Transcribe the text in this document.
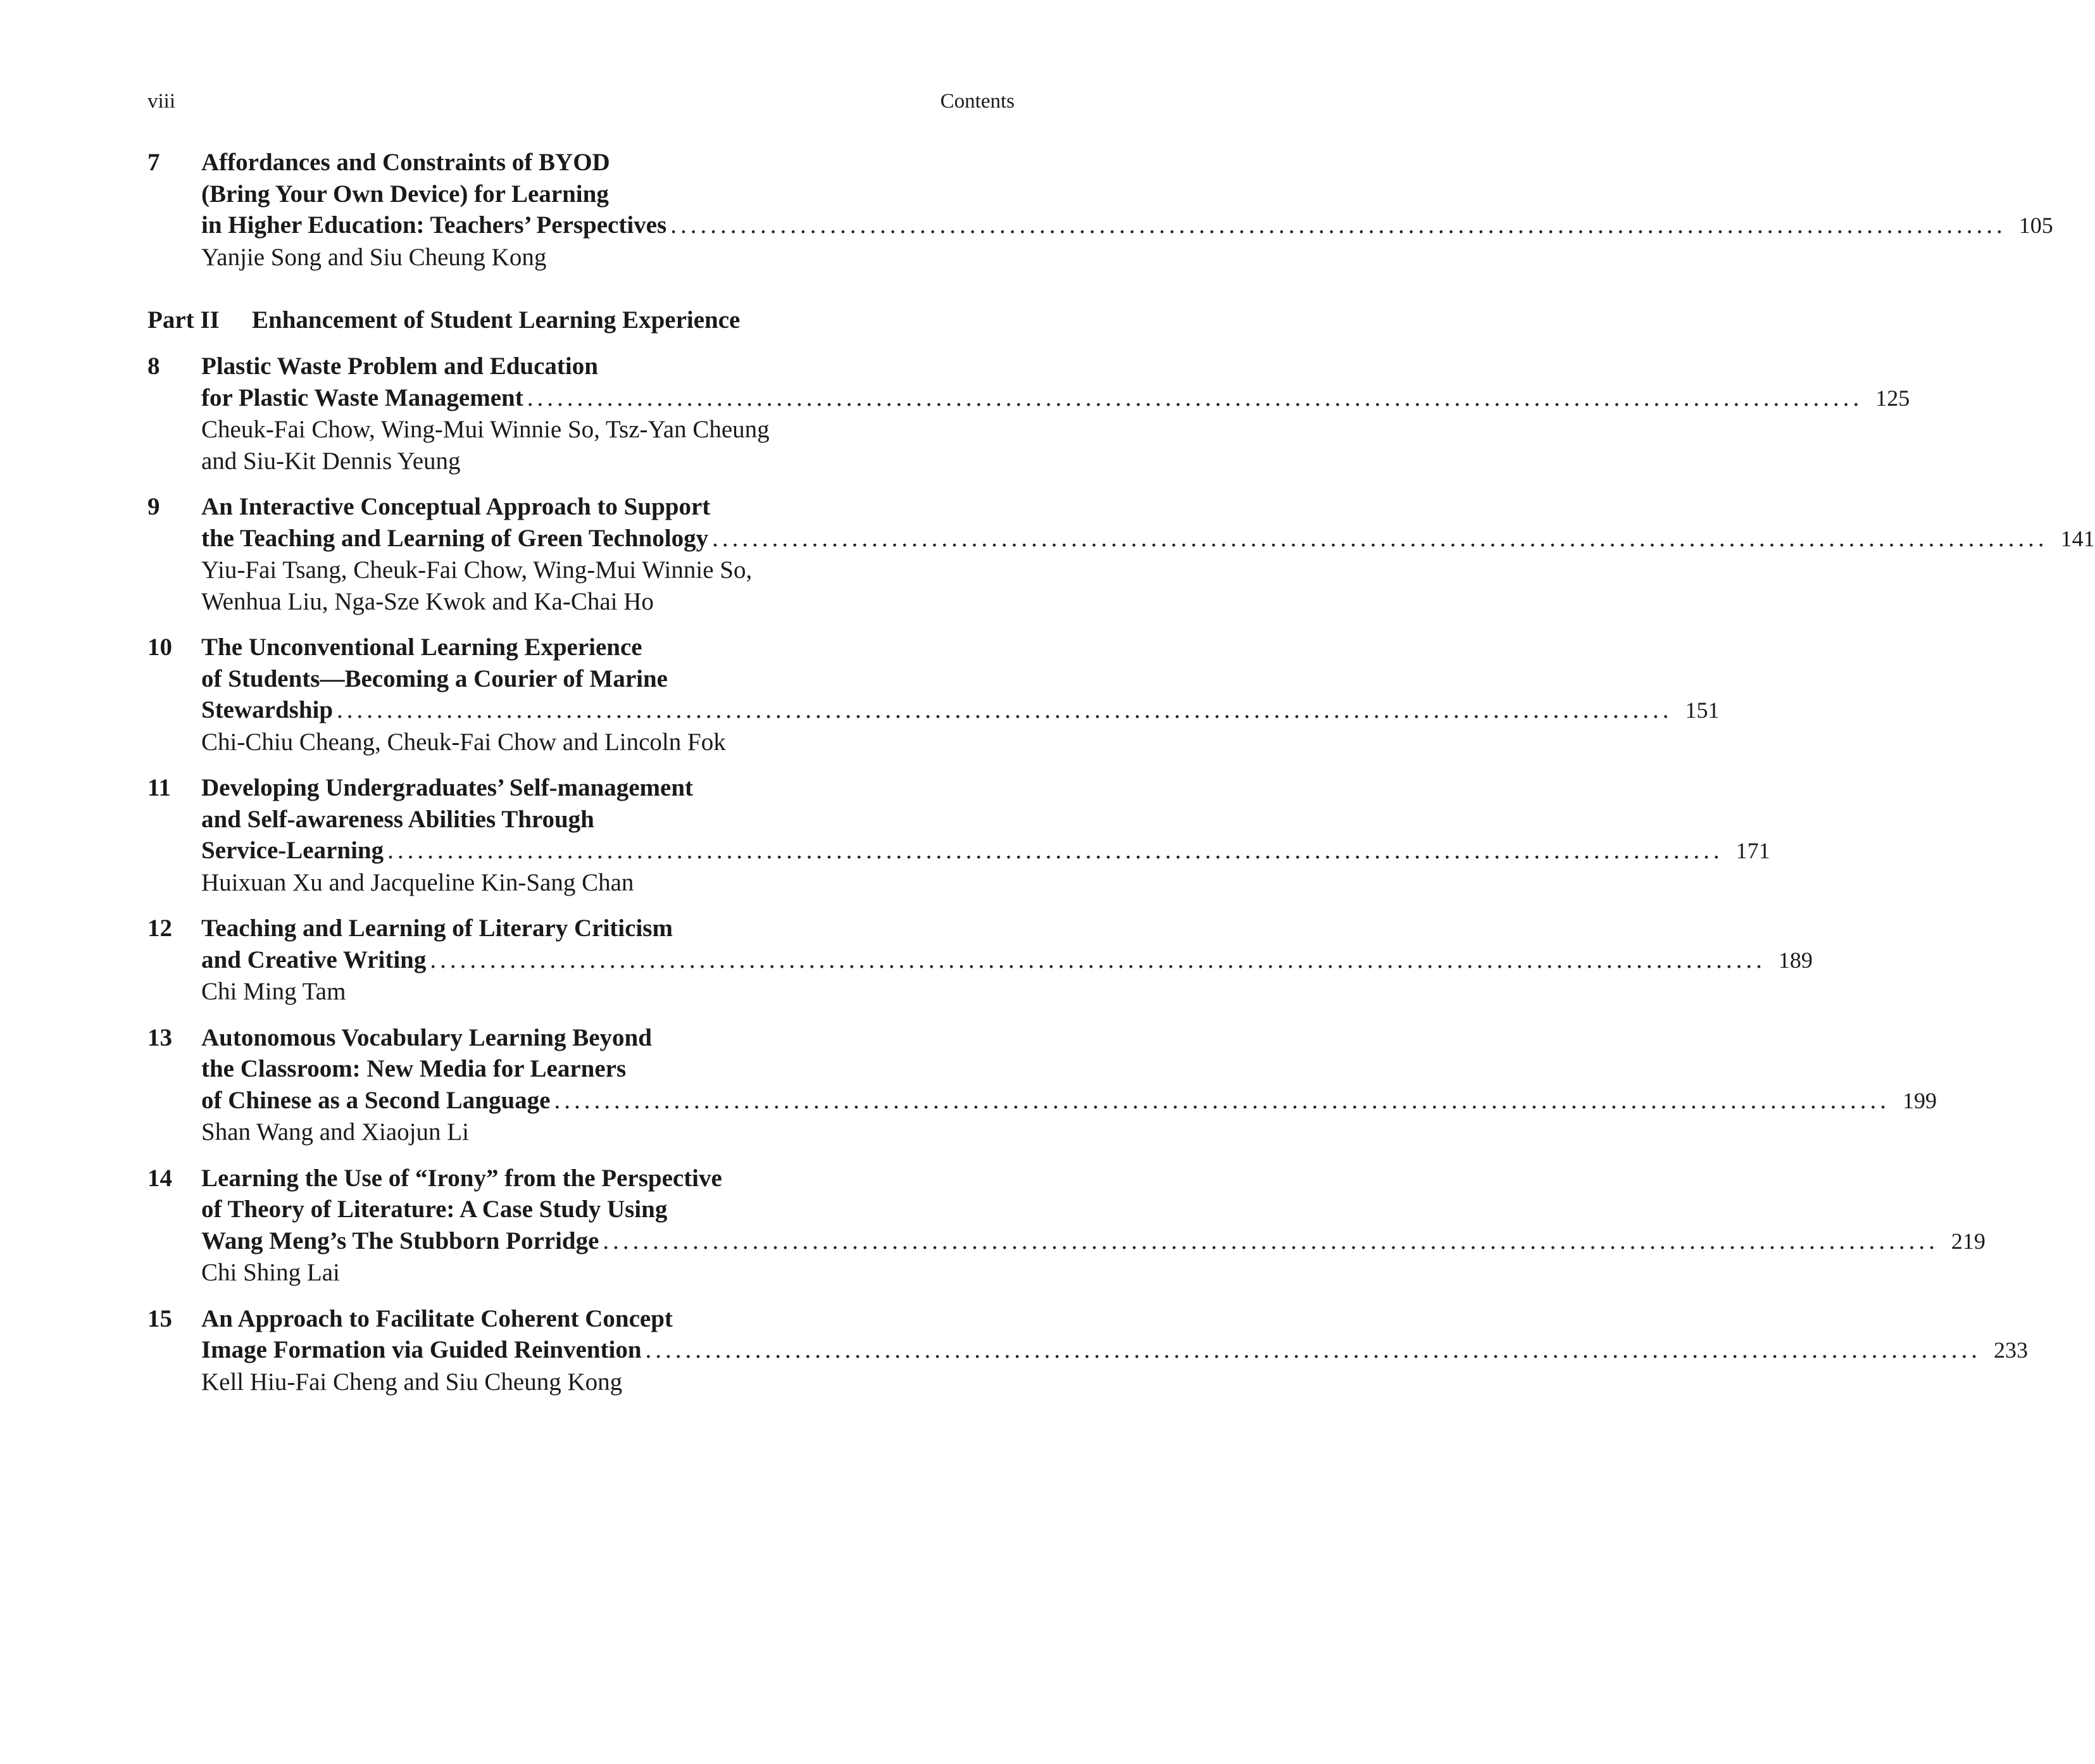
viii	Contents
7 Affordances and Constraints of BYOD
(Bring Your Own Device) for Learning
in Higher Education: Teachers’ Perspectives ...................................................................................................................................... 105
Yanjie Song and Siu Cheung Kong
Part II Enhancement of Student Learning Experience
8 Plastic Waste Problem and Education
for Plastic Waste Management ...................................................................................................................................... 125
Cheuk-Fai Chow, Wing-Mui Winnie So, Tsz-Yan Cheung
and Siu-Kit Dennis Yeung
9 An Interactive Conceptual Approach to Support
the Teaching and Learning of Green Technology ...................................................................................................................................... 141
Yiu-Fai Tsang, Cheuk-Fai Chow, Wing-Mui Winnie So,
Wenhua Liu, Nga-Sze Kwok and Ka-Chai Ho
10 The Unconventional Learning Experience
of Students—Becoming a Courier of Marine
Stewardship ...................................................................................................................................... 151
Chi-Chiu Cheang, Cheuk-Fai Chow and Lincoln Fok
11 Developing Undergraduates’ Self-management
and Self-awareness Abilities Through
Service-Learning ...................................................................................................................................... 171
Huixuan Xu and Jacqueline Kin-Sang Chan
12 Teaching and Learning of Literary Criticism
and Creative Writing ...................................................................................................................................... 189
Chi Ming Tam
13 Autonomous Vocabulary Learning Beyond
the Classroom: New Media for Learners
of Chinese as a Second Language ...................................................................................................................................... 199
Shan Wang and Xiaojun Li
14 Learning the Use of “Irony” from the Perspective
of Theory of Literature: A Case Study Using
Wang Meng’s The Stubborn Porridge ...................................................................................................................................... 219
Chi Shing Lai
15 An Approach to Facilitate Coherent Concept
Image Formation via Guided Reinvention ...................................................................................................................................... 233
Kell Hiu-Fai Cheng and Siu Cheung Kong
